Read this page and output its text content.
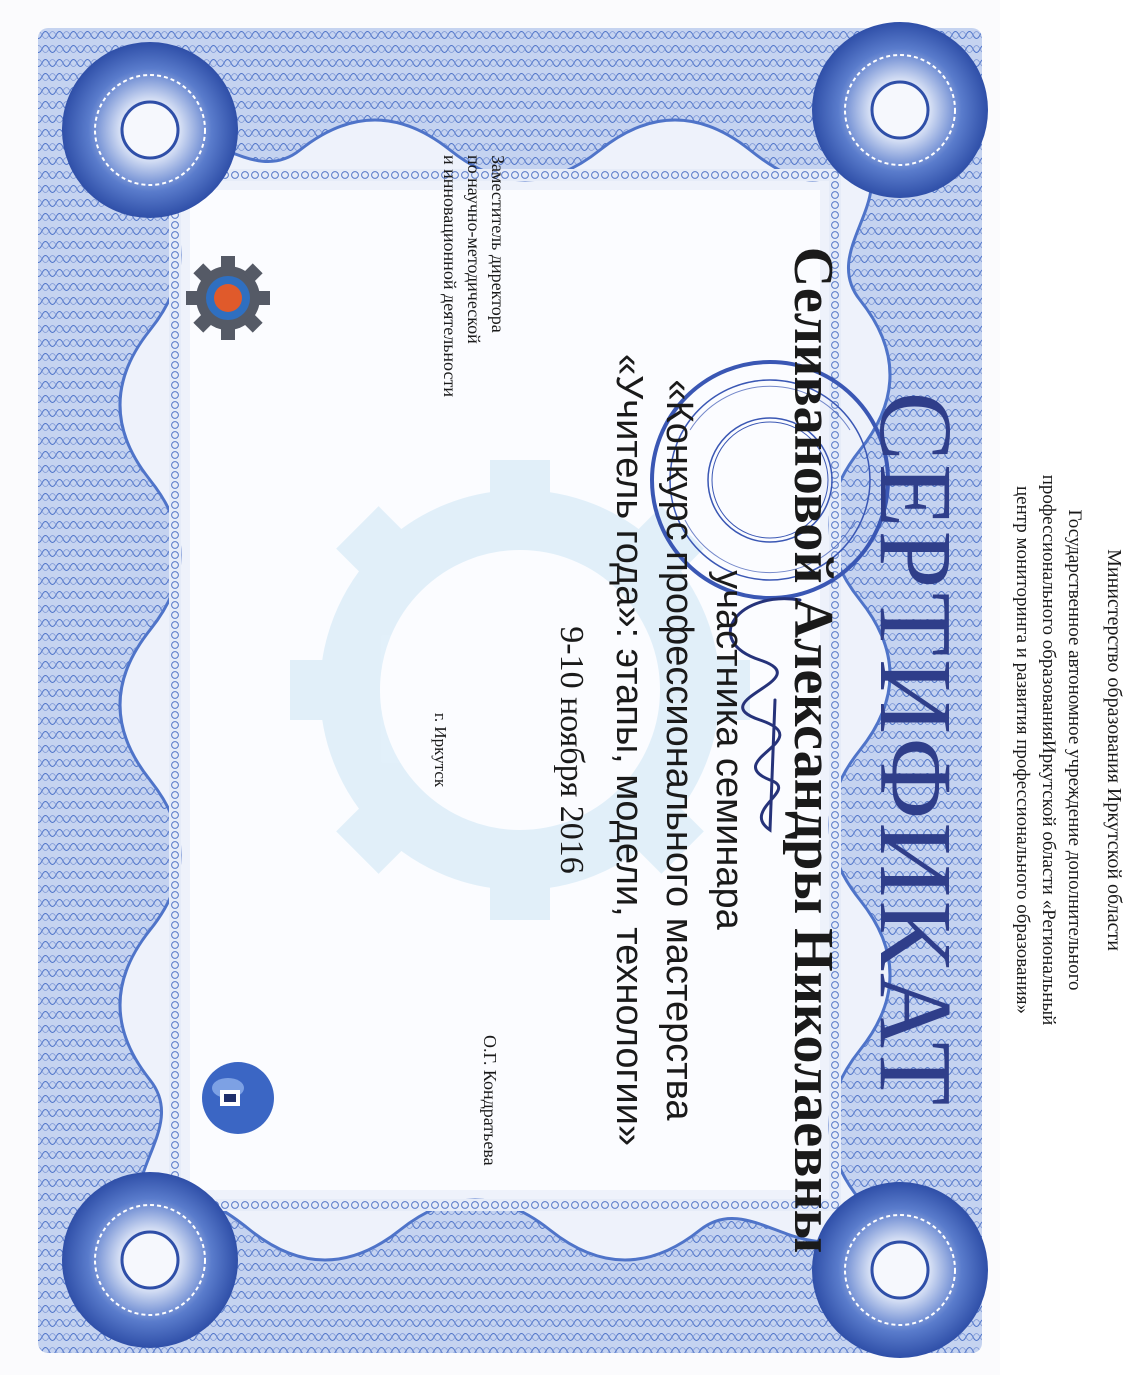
Министерство образования Иркутской области
Государственное автономное учреждение дополнительного
профессионального образованияИркутской области «Региональный
центр мониторинга и развития профессионального образования»
СЕРТИФИКАТ
Селивановой Александры Николаевны
участника семинара
«Конкурс профессионального мастерства
«Учитель года»: этапы, модели, технологии»
9-10 ноября 2016
Заместитель директора
по научно-методической
и инновационной деятельности
О.Г. Кондратьева
г. Иркутск
